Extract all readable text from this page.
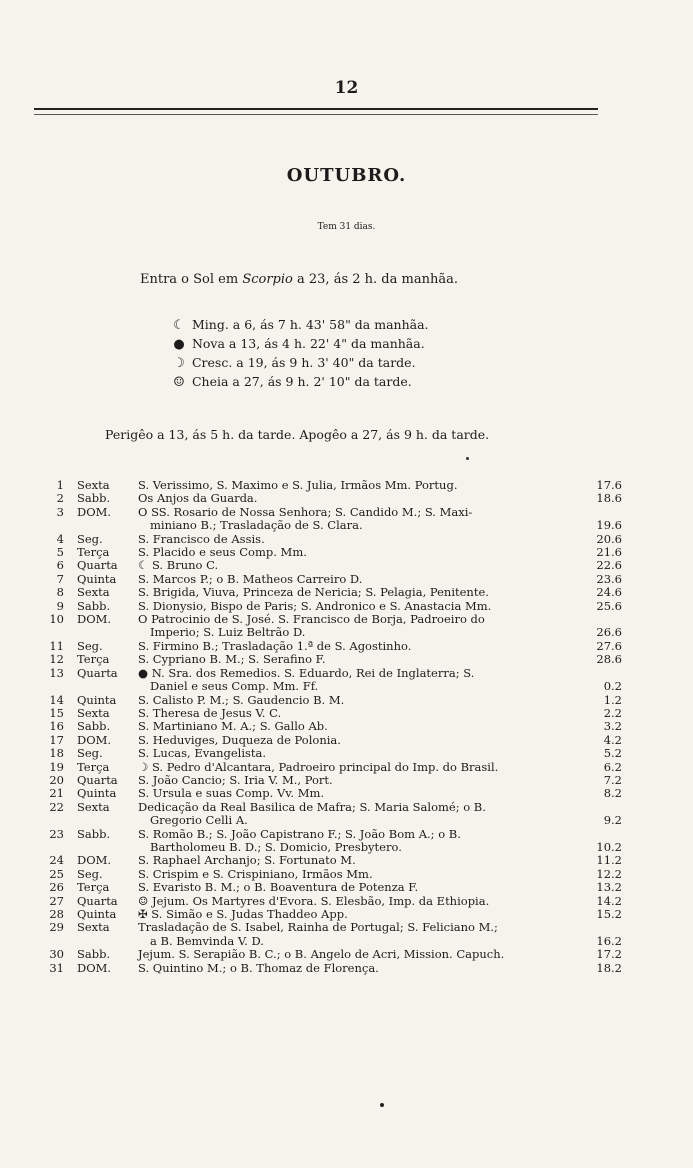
12
OUTUBRO.
Tem 31 dias.
Entra o Sol em Scorpio a 23, ás 2 h. da manhãa.
☾ Ming. a 6, ás 7 h. 43' 58" da manhãa.
● Nova a 13, ás 4 h. 22' 4" da manhãa.
☽ Cresc. a 19, ás 9 h. 3' 40" da tarde.
☺ Cheia a 27, ás 9 h. 2' 10" da tarde.
Perigêo a 13, ás 5 h. da tarde. Apogêo a 27, ás 9 h. da tarde.
1 Sexta	S. Verissimo, S. Maximo e S. Julia, Irmãos Mm. Portug.	17.6
2 Sabb.	Os Anjos da Guarda.	18.6
3 DOM.	O SS. Rosario de Nossa Senhora; S. Candido M.; S. Maxi-
miniano B.; Trasladação de S. Clara.	19.6
4 Seg.	S. Francisco de Assis.	20.6
5 Terça	S. Placido e seus Comp. Mm.	21.6
6 Quarta	☾ S. Bruno C.	22.6
7 Quinta	S. Marcos P.; o B. Matheos Carreiro D.	23.6
8 Sexta	S. Brigida, Viuva, Princeza de Nericia; S. Pelagia, Penitente.	24.6
9 Sabb.	S. Dionysio, Bispo de Paris; S. Andronico e S. Anastacia Mm.	25.6
10 DOM.	O Patrocinio de S. José. S. Francisco de Borja, Padroeiro do
Imperio; S. Luiz Beltrão D.	26.6
11 Seg.	S. Firmino B.; Trasladação 1.ª de S. Agostinho.	27.6
12 Terça	S. Cypriano B. M.; S. Serafino F.	28.6
13 Quarta	● N. Sra. dos Remedios. S. Eduardo, Rei de Inglaterra; S.
Daniel e seus Comp. Mm. Ff.	0.2
14 Quinta	S. Calisto P. M.; S. Gaudencio B. M.	1.2
15 Sexta	S. Theresa de Jesus V. C.	2.2
16 Sabb.	S. Martiniano M. A.; S. Gallo Ab.	3.2
17 DOM.	S. Heduviges, Duqueza de Polonia.	4.2
18 Seg.	S. Lucas, Evangelista.	5.2
19 Terça	☽ S. Pedro d'Alcantara, Padroeiro principal do Imp. do Brasil.	6.2
20 Quarta	S. João Cancio; S. Iria V. M., Port.	7.2
21 Quinta	S. Ursula e suas Comp. Vv. Mm.	8.2
22 Sexta	Dedicação da Real Basilica de Mafra; S. Maria Salomé; o B.
Gregorio Celli A.	9.2
23 Sabb.	S. Romão B.; S. João Capistrano F.; S. João Bom A.; o B.
Bartholomeu B. D.; S. Domicio, Presbytero.	10.2
24 DOM.	S. Raphael Archanjo; S. Fortunato M.	11.2
25 Seg.	S. Crispim e S. Crispiniano, Irmãos Mm.	12.2
26 Terça	S. Evaristo B. M.; o B. Boaventura de Potenza F.	13.2
27 Quarta	☺ Jejum. Os Martyres d'Evora. S. Elesbão, Imp. da Ethiopia.	14.2
28 Quinta	✠ S. Simão e S. Judas Thaddeo App.	15.2
29 Sexta	Trasladação de S. Isabel, Rainha de Portugal; S. Feliciano M.;
a B. Bemvinda V. D.	16.2
30 Sabb.	Jejum. S. Serapião B. C.; o B. Angelo de Acri, Mission. Capuch.	17.2
31 DOM.	S. Quintino M.; o B. Thomaz de Florença.	18.2
